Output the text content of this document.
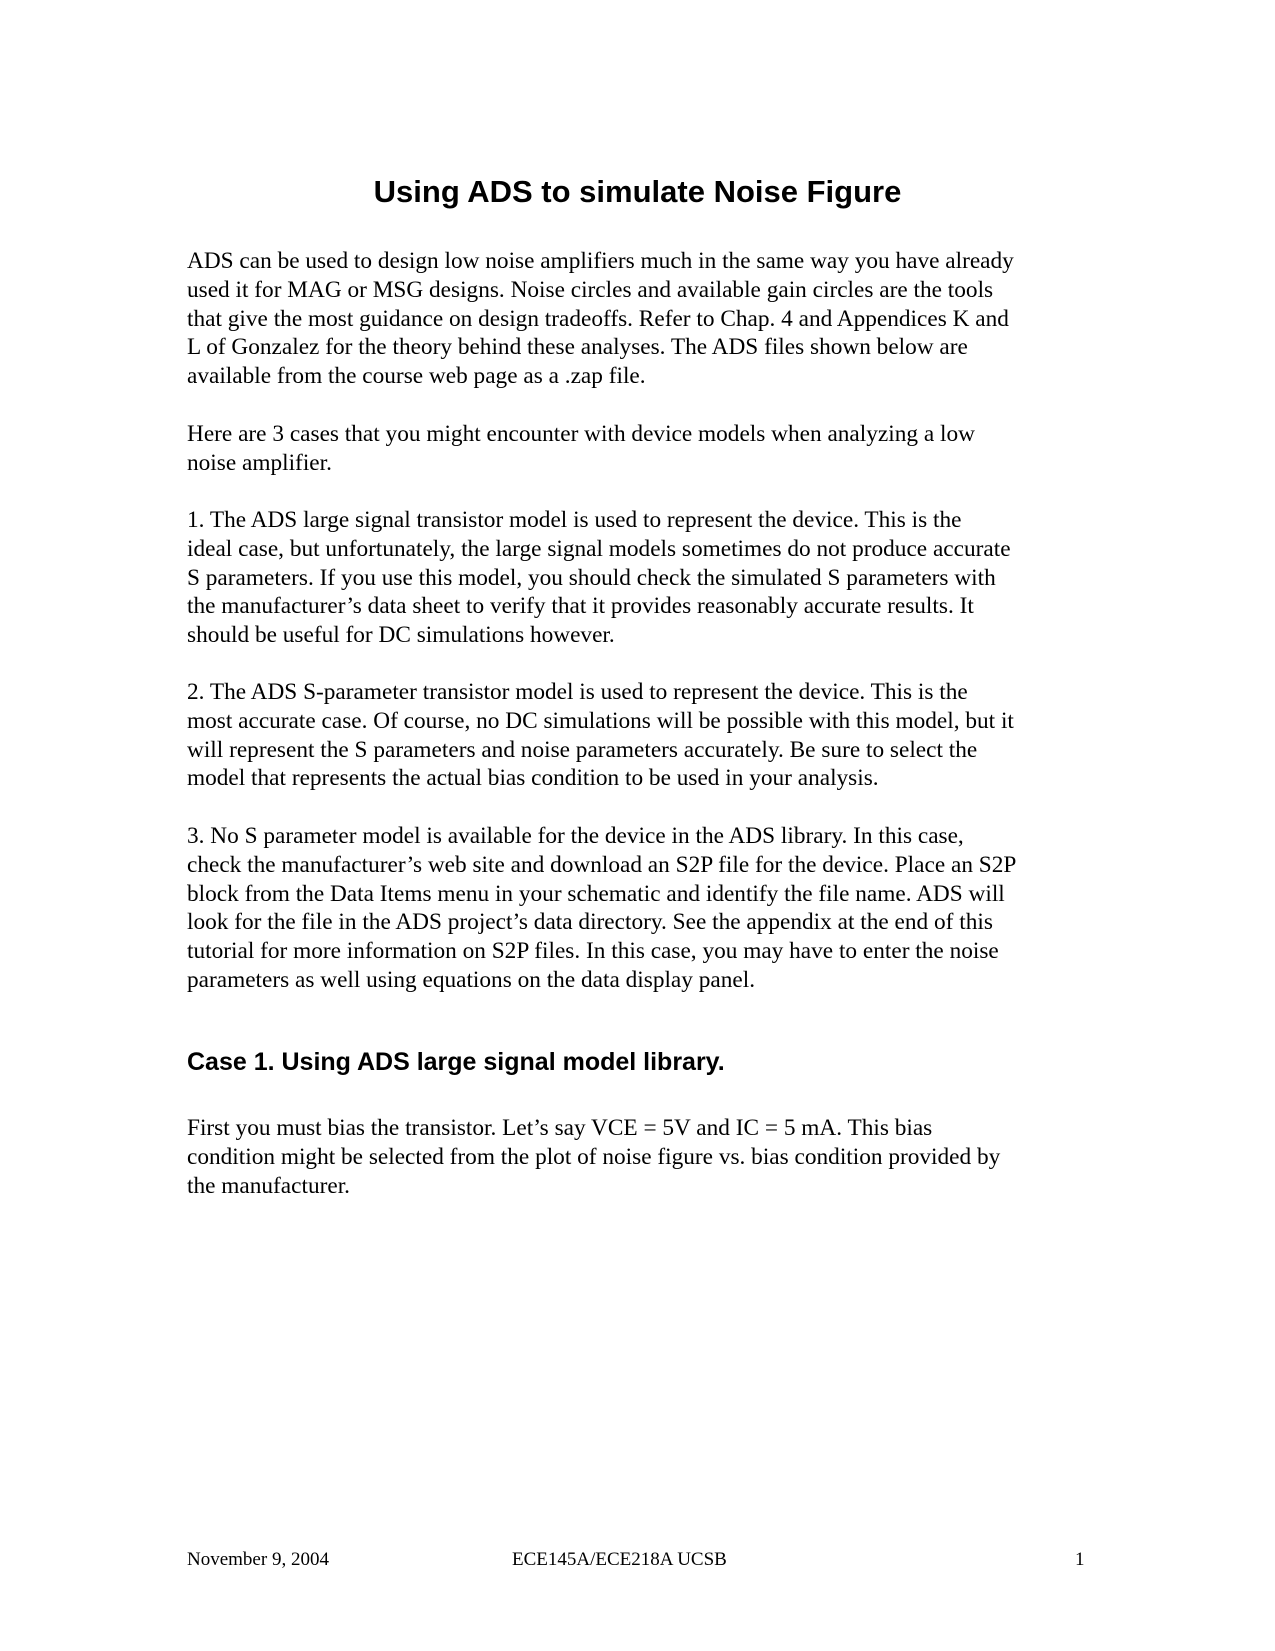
Using ADS to simulate Noise Figure

ADS can be used to design low noise amplifiers much in the same way you have already
used it for MAG or MSG designs. Noise circles and available gain circles are the tools
that give the most guidance on design tradeoffs. Refer to Chap. 4 and Appendices K and
L of Gonzalez for the theory behind these analyses. The ADS files shown below are
available from the course web page as a .zap file.

Here are 3 cases that you might encounter with device models when analyzing a low
noise amplifier.

1. The ADS large signal transistor model is used to represent the device. This is the
ideal case, but unfortunately, the large signal models sometimes do not produce accurate
S parameters. If you use this model, you should check the simulated S parameters with
the manufacturer’s data sheet to verify that it provides reasonably accurate results. It
should be useful for DC simulations however.

2. The ADS S-parameter transistor model is used to represent the device. This is the
most accurate case. Of course, no DC simulations will be possible with this model, but it
will represent the S parameters and noise parameters accurately. Be sure to select the
model that represents the actual bias condition to be used in your analysis.

3. No S parameter model is available for the device in the ADS library. In this case,
check the manufacturer’s web site and download an S2P file for the device. Place an S2P
block from the Data Items menu in your schematic and identify the file name. ADS will
look for the file in the ADS project’s data directory. See the appendix at the end of this
tutorial for more information on S2P files. In this case, you may have to enter the noise
parameters as well using equations on the data display panel.

Case 1. Using ADS large signal model library.

First you must bias the transistor. Let’s say VCE = 5V and IC = 5 mA. This bias
condition might be selected from the plot of noise figure vs. bias condition provided by
the manufacturer.

November 9, 2004	ECE145A/ECE218A UCSB	1
